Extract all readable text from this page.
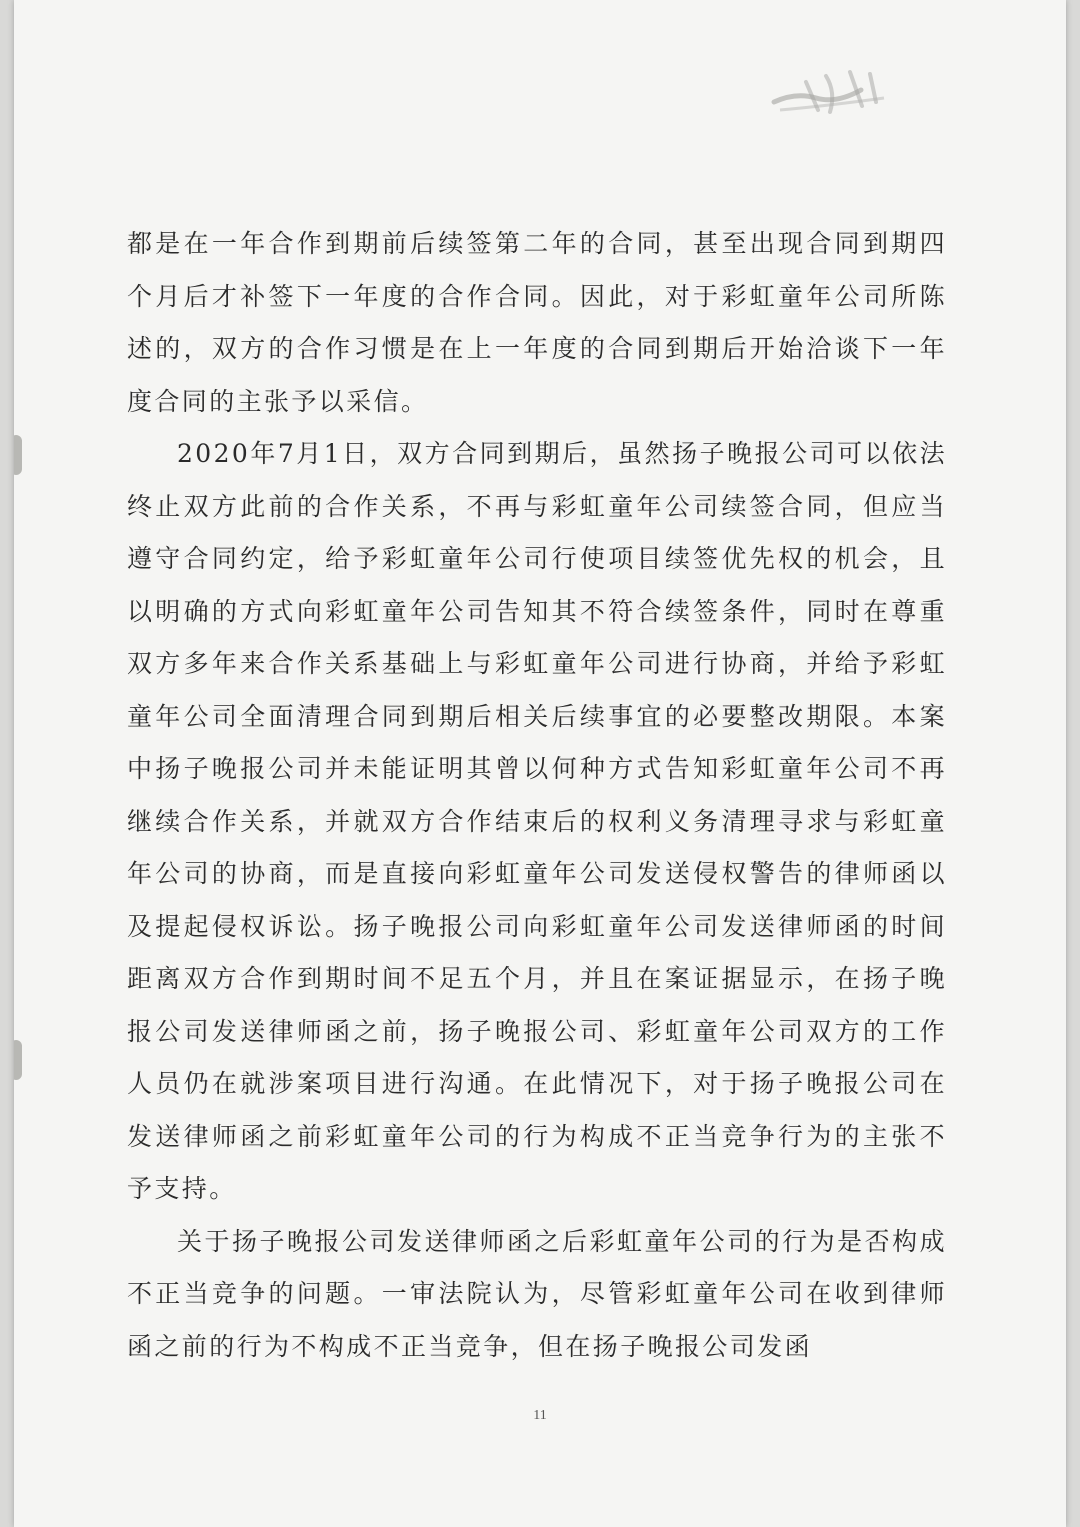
都是在一年合作到期前后续签第二年的合同，甚至出现合同到期四个月后才补签下一年度的合作合同。因此，对于彩虹童年公司所陈述的，双方的合作习惯是在上一年度的合同到期后开始洽谈下一年度合同的主张予以采信。

2020年7月1日，双方合同到期后，虽然扬子晚报公司可以依法终止双方此前的合作关系，不再与彩虹童年公司续签合同，但应当遵守合同约定，给予彩虹童年公司行使项目续签优先权的机会，且以明确的方式向彩虹童年公司告知其不符合续签条件，同时在尊重双方多年来合作关系基础上与彩虹童年公司进行协商，并给予彩虹童年公司全面清理合同到期后相关后续事宜的必要整改期限。本案中扬子晚报公司并未能证明其曾以何种方式告知彩虹童年公司不再继续合作关系，并就双方合作结束后的权利义务清理寻求与彩虹童年公司的协商，而是直接向彩虹童年公司发送侵权警告的律师函以及提起侵权诉讼。扬子晚报公司向彩虹童年公司发送律师函的时间距离双方合作到期时间不足五个月，并且在案证据显示，在扬子晚报公司发送律师函之前，扬子晚报公司、彩虹童年公司双方的工作人员仍在就涉案项目进行沟通。在此情况下，对于扬子晚报公司在发送律师函之前彩虹童年公司的行为构成不正当竞争行为的主张不予支持。

关于扬子晚报公司发送律师函之后彩虹童年公司的行为是否构成不正当竞争的问题。一审法院认为，尽管彩虹童年公司在收到律师函之前的行为不构成不正当竞争，但在扬子晚报公司发函

11
